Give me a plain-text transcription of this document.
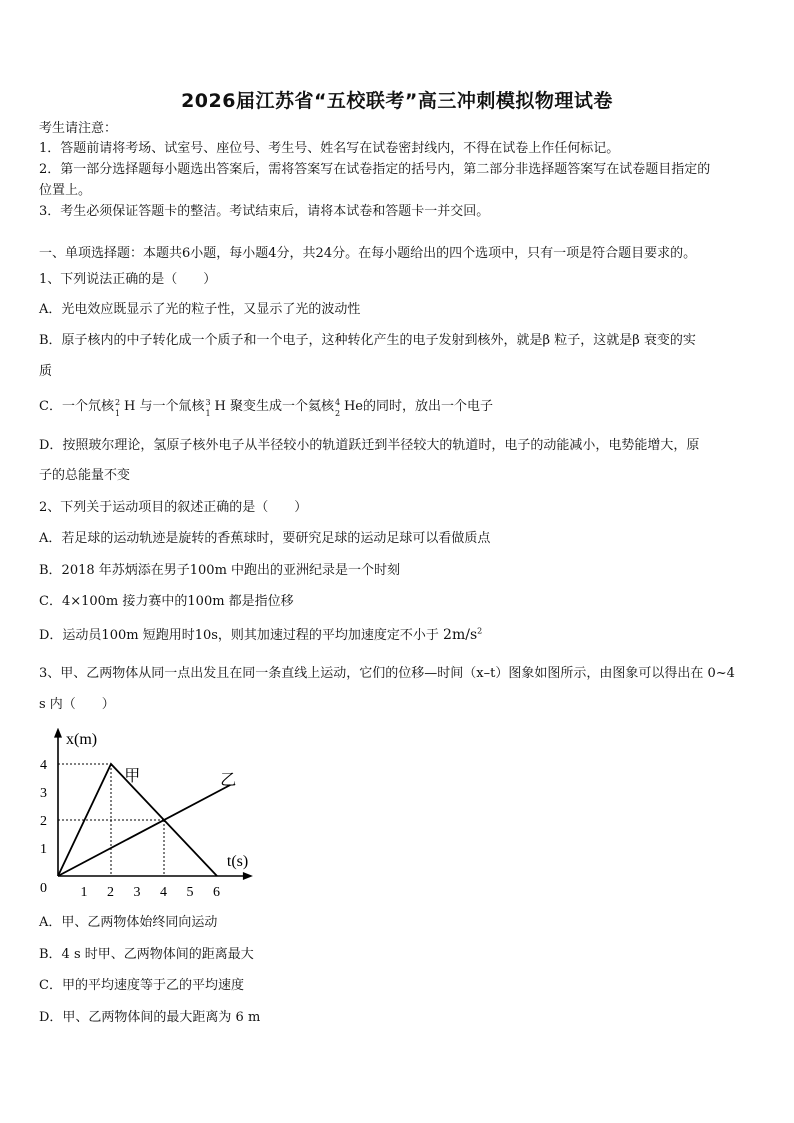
2026届江苏省“五校联考”高三冲刺模拟物理试卷
考生请注意：
1．答题前请将考场、试室号、座位号、考生号、姓名写在试卷密封线内，不得在试卷上作任何标记。
2．第一部分选择题每小题选出答案后，需将答案写在试卷指定的括号内，第二部分非选择题答案写在试卷题目指定的
位置上。
3．考生必须保证答题卡的整洁。考试结束后，请将本试卷和答题卡一并交回。
一、单项选择题：本题共6小题，每小题4分，共24分。在每小题给出的四个选项中，只有一项是符合题目要求的。
1、下列说法正确的是（　　）
A．光电效应既显示了光的粒子性，又显示了光的波动性
B．原子核内的中子转化成一个质子和一个电子，这种转化产生的电子发射到核外，就是β 粒子，这就是β 衰变的实
质
C．一个氘核 2
1 H 与一个氚核 3
1 H 聚变生成一个氦核 4
2 He的同时，放出一个电子
D．按照玻尔理论，氢原子核外电子从半径较小的轨道跃迁到半径较大的轨道时，电子的动能减小，电势能增大，原
子的总能量不变
2、下列关于运动项目的叙述正确的是（　　）
A．若足球的运动轨迹是旋转的香蕉球时，要研究足球的运动足球可以看做质点
B．2018 年苏炳添在男子100m 中跑出的亚洲纪录是一个时刻
C．4×100m 接力赛中的100m 都是指位移
D．运动员100m 短跑用时10s，则其加速过程的平均加速度定不小于 $2m/s^2$
3、甲、乙两物体从同一点出发且在同一条直线上运动，它们的位移—时间（x–t）图象如图所示，由图象可以得出在 0~4
s 内（　　）
x(m)
t(s)
0 1 2 3 4 5 6
1
2
3
4
甲	乙
A．甲、乙两物体始终同向运动
B．4 s 时甲、乙两物体间的距离最大
C．甲的平均速度等于乙的平均速度
D．甲、乙两物体间的最大距离为 6 m
